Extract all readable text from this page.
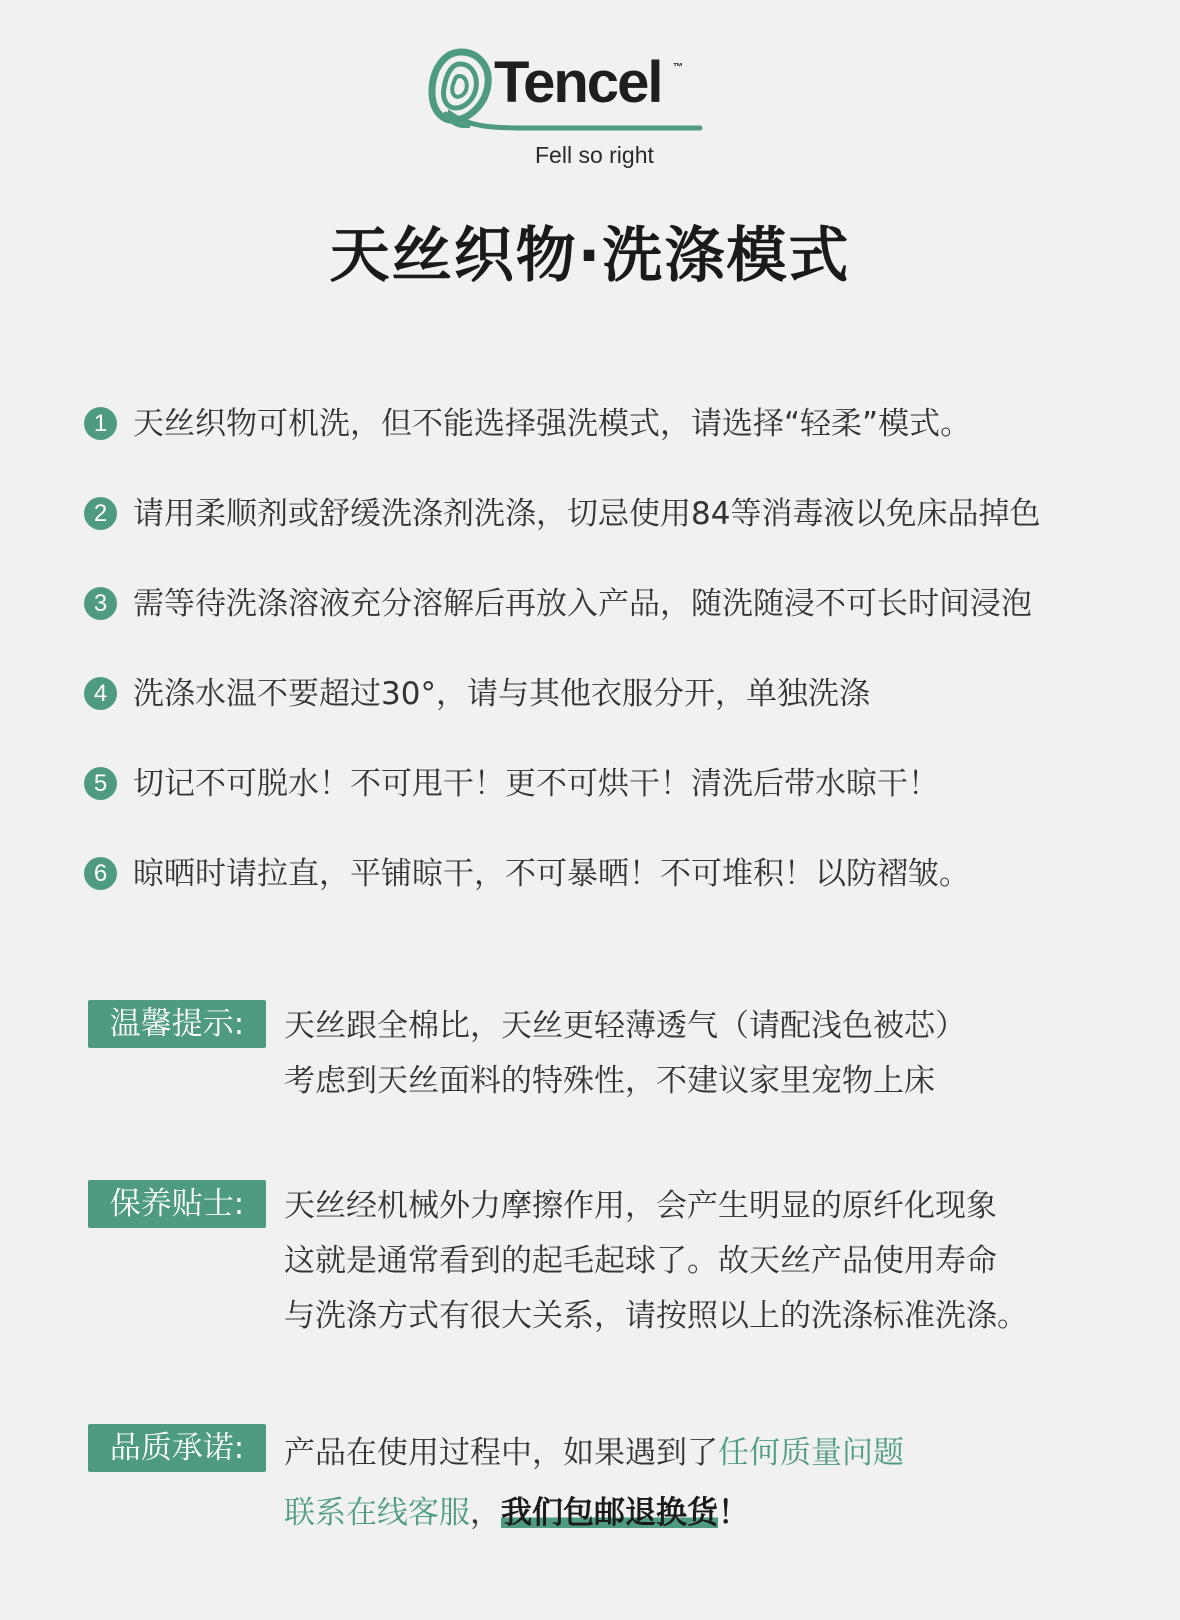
Tencel ™
Fell so right
天丝织物·洗涤模式
1 天丝织物可机洗，但不能选择强洗模式，请选择“轻柔”模式。
2 请用柔顺剂或舒缓洗涤剂洗涤，切忌使用84等消毒液以免床品掉色
3 需等待洗涤溶液充分溶解后再放入产品，随洗随浸不可长时间浸泡
4 洗涤水温不要超过30°，请与其他衣服分开，单独洗涤
5 切记不可脱水！不可甩干！更不可烘干！清洗后带水晾干！
6 晾晒时请拉直，平铺晾干，不可暴晒！不可堆积！以防褶皱。
温馨提示:	天丝跟全棉比，天丝更轻薄透气（请配浅色被芯）
考虑到天丝面料的特殊性，不建议家里宠物上床
保养贴士:	天丝经机械外力摩擦作用，会产生明显的原纤化现象
这就是通常看到的起毛起球了。故天丝产品使用寿命
与洗涤方式有很大关系，请按照以上的洗涤标准洗涤。
品质承诺:	产品在使用过程中，如果遇到了任何质量问题
联系在线客服，我们包邮退换货！
